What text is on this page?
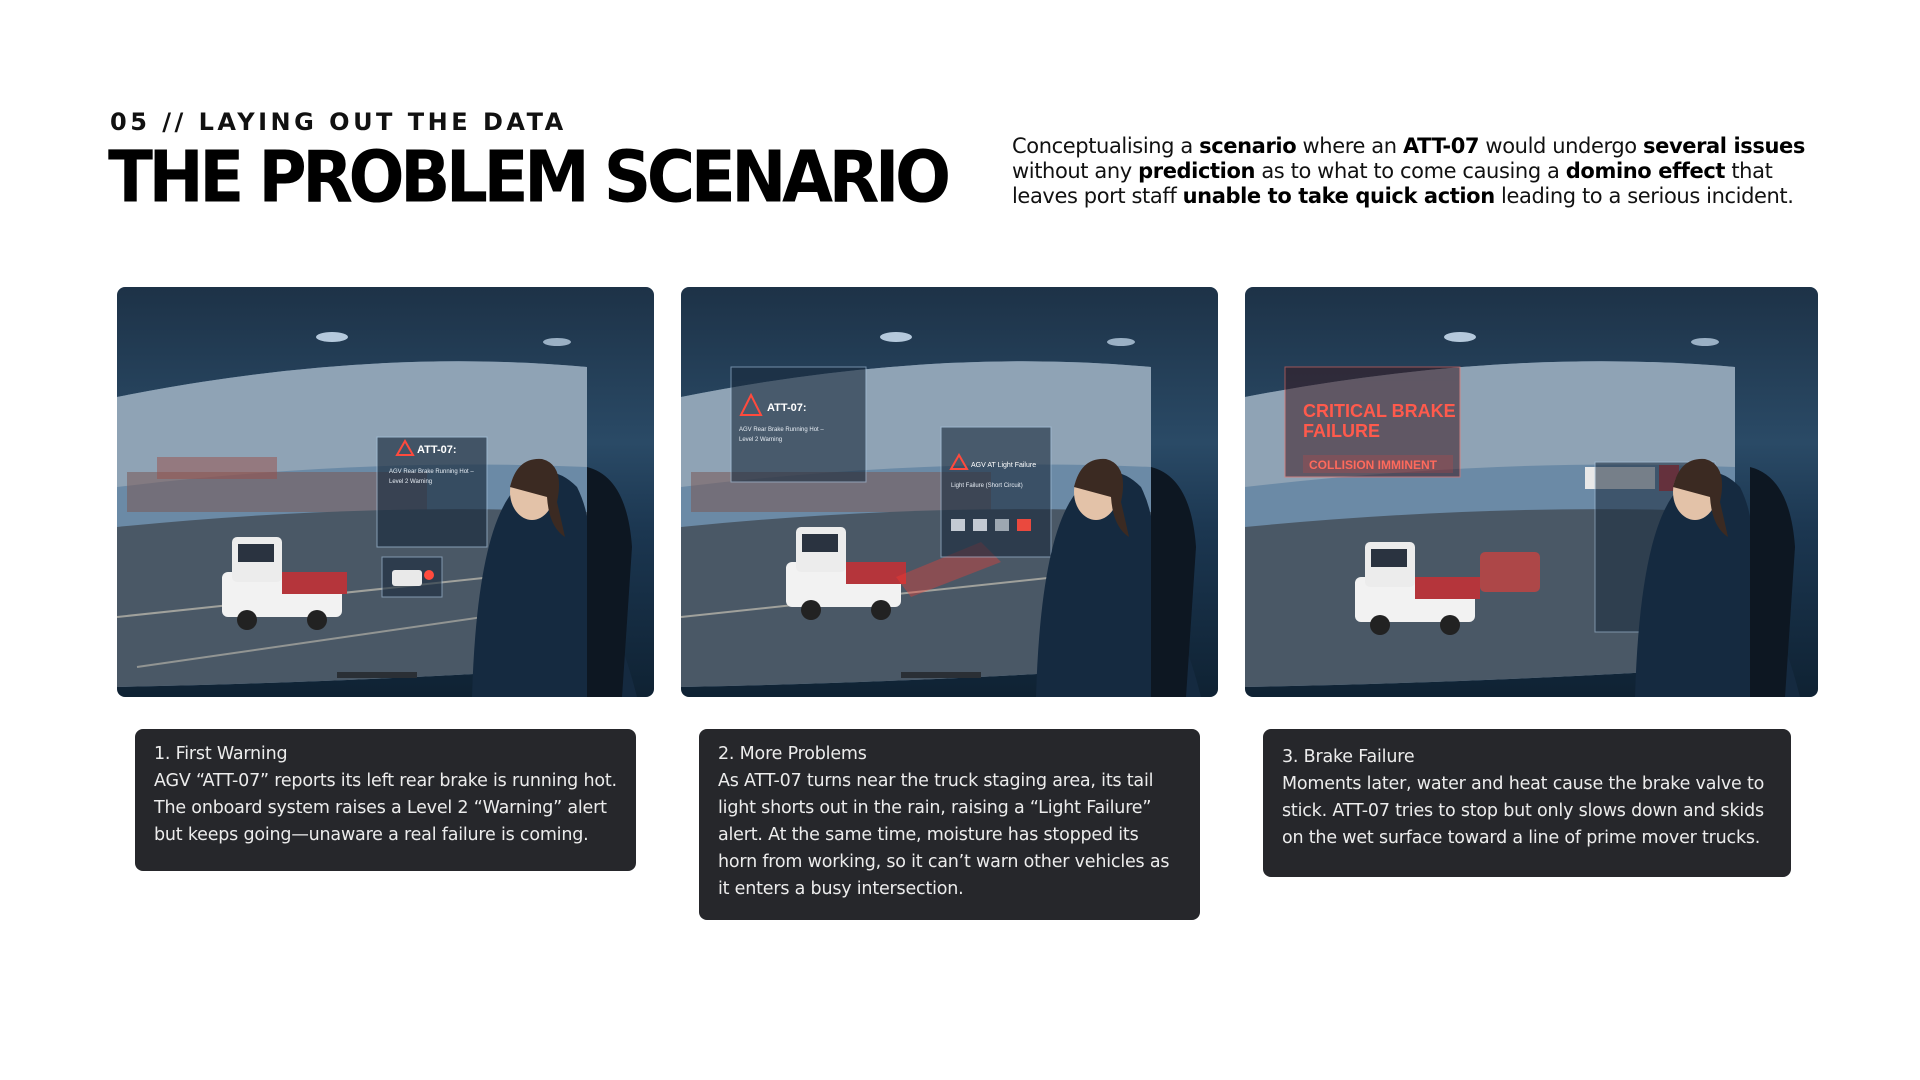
05 // LAYING OUT THE DATA
THE PROBLEM SCENARIO	Conceptualising a scenario where an ATT-07 would undergo several issues without any prediction as to what to come causing a domino effect that leaves port staff unable to take quick action leading to a serious incident.

ATT-07:
AGV Rear Brake Running Hot –
Level 2 Warning
1. First Warning
AGV “ATT-07” reports its left rear brake is running hot. The onboard system raises a Level 2 “Warning” alert but keeps going—unaware a real failure is coming.
ATT-07:
AGV Rear Brake Running Hot –
Level 2 Warning
AGV AT Light Failure
Light Failure (Short Circuit)
2. More Problems
As ATT-07 turns near the truck staging area, its tail light shorts out in the rain, raising a “Light Failure” alert. At the same time, moisture has stopped its horn from working, so it can’t warn other vehicles as it enters a busy intersection.
CRITICAL BRAKE
FAILURE
COLLISION IMMINENT
3. Brake Failure
Moments later, water and heat cause the brake valve to stick. ATT-07 tries to stop but only slows down and skids on the wet surface toward a line of prime mover trucks.
